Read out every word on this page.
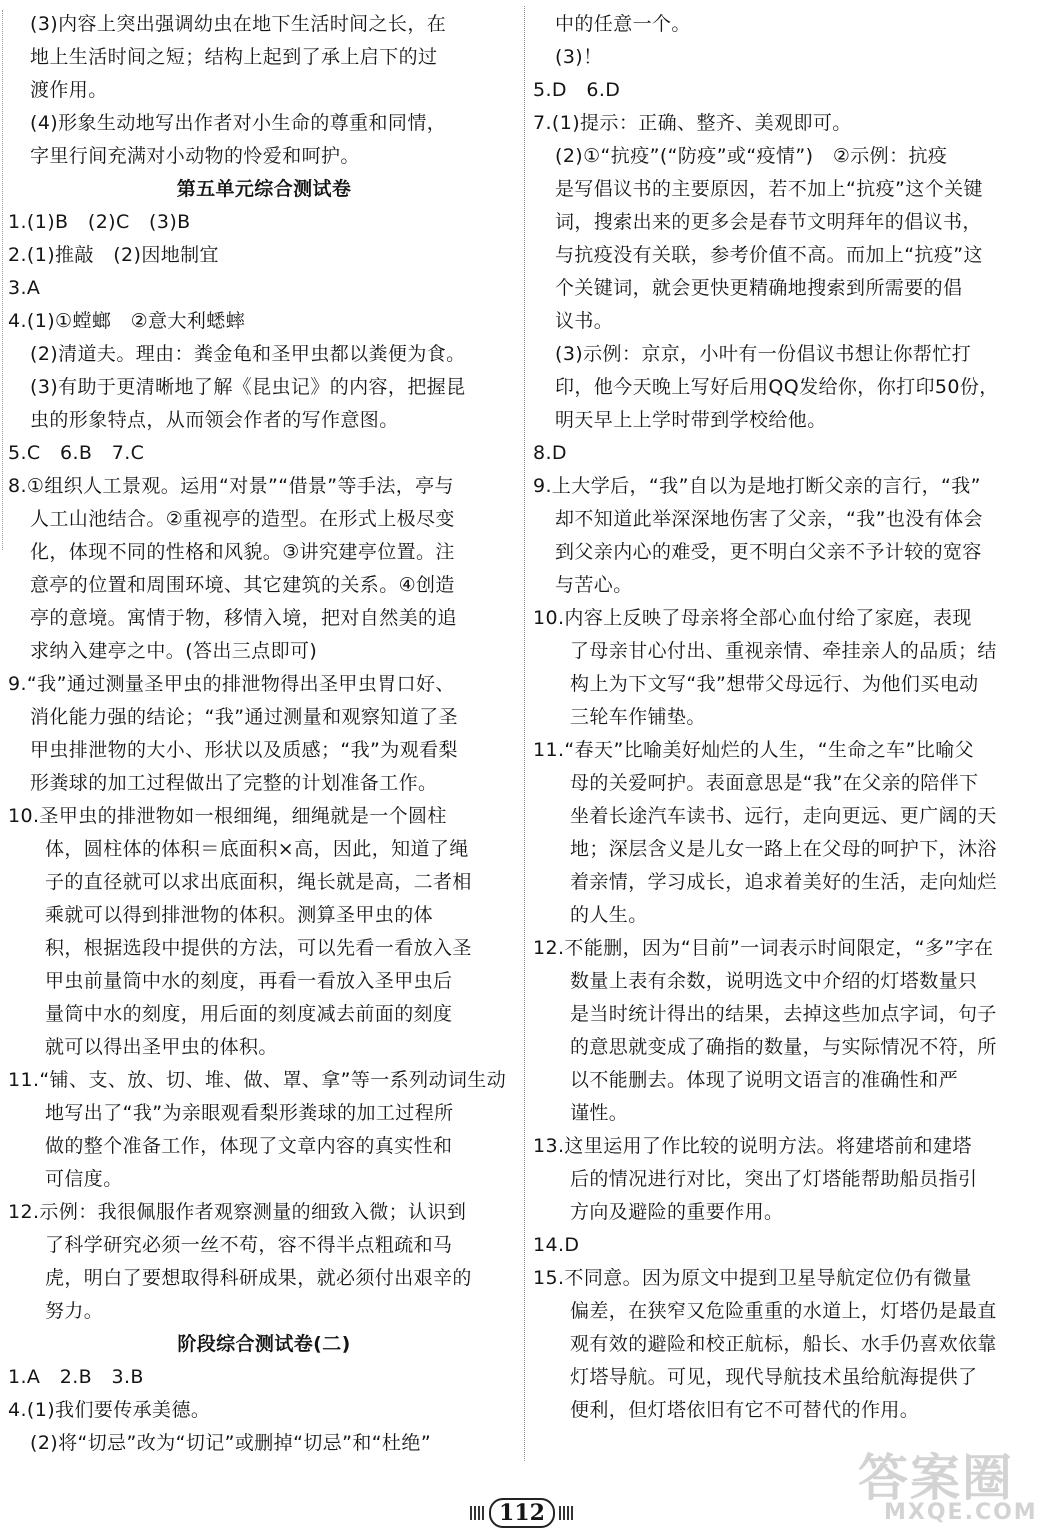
(3)内容上突出强调幼虫在地下生活时间之长，在
地上生活时间之短；结构上起到了承上启下的过
渡作用。
(4)形象生动地写出作者对小生命的尊重和同情，
字里行间充满对小动物的怜爱和呵护。
第五单元综合测试卷
1.(1)B　(2)C　(3)B
2.(1)推敲　(2)因地制宜
3.A
4.(1)①螳螂　②意大利蟋蟀
(2)清道夫。理由：粪金龟和圣甲虫都以粪便为食。
(3)有助于更清晰地了解《昆虫记》的内容，把握昆
虫的形象特点，从而领会作者的写作意图。
5.C　6.B　7.C
8.①组织人工景观。运用“对景”“借景”等手法，亭与
人工山池结合。②重视亭的造型。在形式上极尽变
化，体现不同的性格和风貌。③讲究建亭位置。注
意亭的位置和周围环境、其它建筑的关系。④创造
亭的意境。寓情于物，移情入境，把对自然美的追
求纳入建亭之中。(答出三点即可)
9.“我”通过测量圣甲虫的排泄物得出圣甲虫胃口好、
消化能力强的结论；“我”通过测量和观察知道了圣
甲虫排泄物的大小、形状以及质感；“我”为观看梨
形粪球的加工过程做出了完整的计划准备工作。
10.圣甲虫的排泄物如一根细绳，细绳就是一个圆柱
体，圆柱体的体积＝底面积×高，因此，知道了绳
子的直径就可以求出底面积，绳长就是高，二者相
乘就可以得到排泄物的体积。测算圣甲虫的体
积，根据选段中提供的方法，可以先看一看放入圣
甲虫前量筒中水的刻度，再看一看放入圣甲虫后
量筒中水的刻度，用后面的刻度减去前面的刻度
就可以得出圣甲虫的体积。
11.“铺、支、放、切、堆、做、罩、拿”等一系列动词生动
地写出了“我”为亲眼观看梨形粪球的加工过程所
做的整个准备工作，体现了文章内容的真实性和
可信度。
12.示例：我很佩服作者观察测量的细致入微；认识到
了科学研究必须一丝不苟，容不得半点粗疏和马
虎，明白了要想取得科研成果，就必须付出艰辛的
努力。
阶段综合测试卷(二)
1.A　2.B　3.B
4.(1)我们要传承美德。
(2)将“切忌”改为“切记”或删掉“切忌”和“杜绝”
中的任意一个。
(3)！
5.D　6.D
7.(1)提示：正确、整齐、美观即可。
(2)①“抗疫”(“防疫”或“疫情”)　②示例：抗疫
是写倡议书的主要原因，若不加上“抗疫”这个关键
词，搜索出来的更多会是春节文明拜年的倡议书，
与抗疫没有关联，参考价值不高。而加上“抗疫”这
个关键词，就会更快更精确地搜索到所需要的倡
议书。
(3)示例：京京，小叶有一份倡议书想让你帮忙打
印，他今天晚上写好后用QQ发给你，你打印50份，
明天早上上学时带到学校给他。
8.D
9.上大学后，“我”自以为是地打断父亲的言行，“我”
却不知道此举深深地伤害了父亲，“我”也没有体会
到父亲内心的难受，更不明白父亲不予计较的宽容
与苦心。
10.内容上反映了母亲将全部心血付给了家庭，表现
了母亲甘心付出、重视亲情、牵挂亲人的品质；结
构上为下文写“我”想带父母远行、为他们买电动
三轮车作铺垫。
11.“春天”比喻美好灿烂的人生，“生命之车”比喻父
母的关爱呵护。表面意思是“我”在父亲的陪伴下
坐着长途汽车读书、远行，走向更远、更广阔的天
地；深层含义是儿女一路上在父母的呵护下，沐浴
着亲情，学习成长，追求着美好的生活，走向灿烂
的人生。
12.不能删，因为“目前”一词表示时间限定，“多”字在
数量上表有余数，说明选文中介绍的灯塔数量只
是当时统计得出的结果，去掉这些加点字词，句子
的意思就变成了确指的数量，与实际情况不符，所
以不能删去。体现了说明文语言的准确性和严
谨性。
13.这里运用了作比较的说明方法。将建塔前和建塔
后的情况进行对比，突出了灯塔能帮助船员指引
方向及避险的重要作用。
14.D
15.不同意。因为原文中提到卫星导航定位仍有微量
偏差，在狭窄又危险重重的水道上，灯塔仍是最直
观有效的避险和校正航标，船长、水手仍喜欢依靠
灯塔导航。可见，现代导航技术虽给航海提供了
便利，但灯塔依旧有它不可替代的作用。
112
答案圈
MXQE.COM
